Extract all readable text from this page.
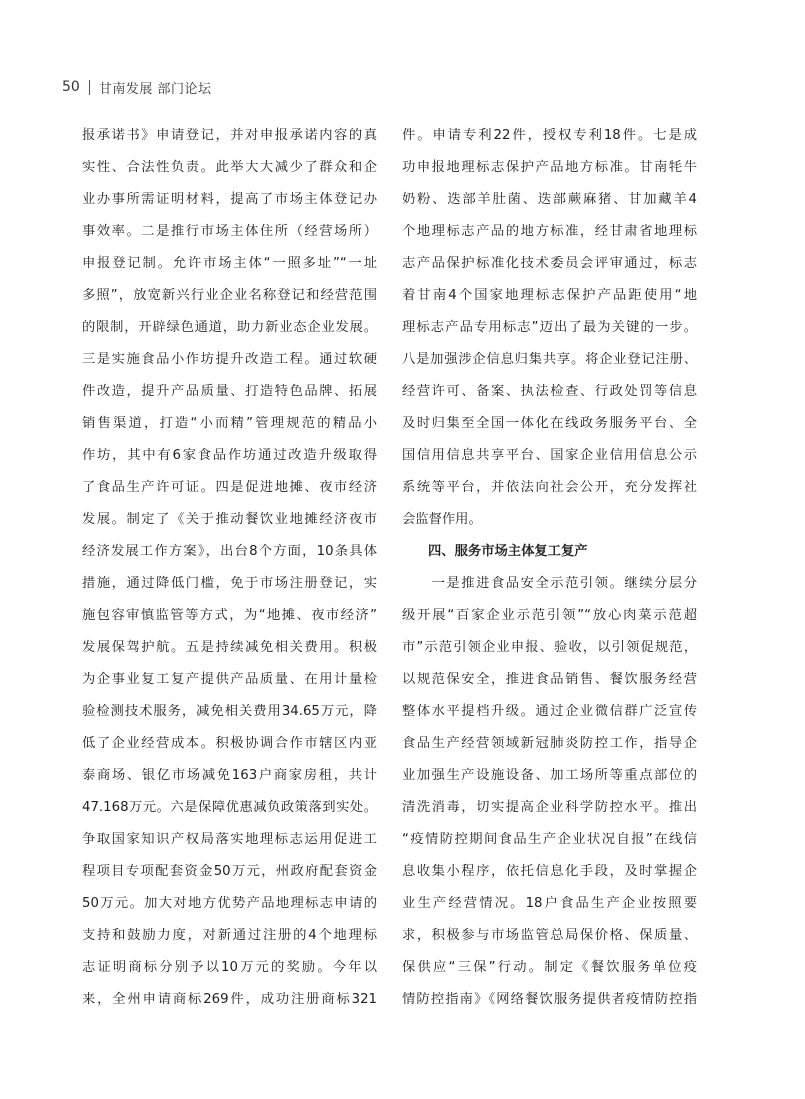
50 甘南发展 部门论坛
报承诺书》申请登记，并对申报承诺内容的真
实性、合法性负责。此举大大减少了群众和企
业办事所需证明材料，提高了市场主体登记办
事效率。二是推行市场主体住所（经营场所）
申报登记制。允许市场主体“一照多址”“一址
多照”，放宽新兴行业企业名称登记和经营范围
的限制，开辟绿色通道，助力新业态企业发展。
三是实施食品小作坊提升改造工程。通过软硬
件改造，提升产品质量、打造特色品牌、拓展
销售渠道，打造“小而精”管理规范的精品小
作坊，其中有6家食品作坊通过改造升级取得
了食品生产许可证。四是促进地摊、夜市经济
发展。制定了《关于推动餐饮业地摊经济夜市
经济发展工作方案》，出台8个方面，10条具体
措施，通过降低门槛，免于市场注册登记，实
施包容审慎监管等方式，为“地摊、夜市经济”
发展保驾护航。五是持续减免相关费用。积极
为企事业复工复产提供产品质量、在用计量检
验检测技术服务，减免相关费用34.65万元，降
低了企业经营成本。积极协调合作市辖区内亚
泰商场、银亿市场减免163户商家房租，共计
47.168万元。六是保障优惠减负政策落到实处。
争取国家知识产权局落实地理标志运用促进工
程项目专项配套资金50万元，州政府配套资金
50万元。加大对地方优势产品地理标志申请的
支持和鼓励力度，对新通过注册的4个地理标
志证明商标分别予以10万元的奖励。今年以
来，全州申请商标269件，成功注册商标321
件。申请专利22件，授权专利18件。七是成
功申报地理标志保护产品地方标准。甘南牦牛
奶粉、迭部羊肚菌、迭部蕨麻猪、甘加藏羊4
个地理标志产品的地方标准，经甘肃省地理标
志产品保护标准化技术委员会评审通过，标志
着甘南4个国家地理标志保护产品距使用“地
理标志产品专用标志”迈出了最为关键的一步。
八是加强涉企信息归集共享。将企业登记注册、
经营许可、备案、执法检查、行政处罚等信息
及时归集至全国一体化在线政务服务平台、全
国信用信息共享平台、国家企业信用信息公示
系统等平台，并依法向社会公开，充分发挥社
会监督作用。
四、服务市场主体复工复产
　　一是推进食品安全示范引领。继续分层分
级开展“百家企业示范引领”“放心肉菜示范超
市”示范引领企业申报、验收，以引领促规范，
以规范保安全，推进食品销售、餐饮服务经营
整体水平提档升级。通过企业微信群广泛宣传
食品生产经营领域新冠肺炎防控工作，指导企
业加强生产设施设备、加工场所等重点部位的
清洗消毒，切实提高企业科学防控水平。推出
“疫情防控期间食品生产企业状况自报”在线信
息收集小程序，依托信息化手段，及时掌握企
业生产经营情况。18户食品生产企业按照要
求，积极参与市场监管总局保价格、保质量、
保供应“三保”行动。制定《餐饮服务单位疫
情防控指南》《网络餐饮服务提供者疫情防控指
